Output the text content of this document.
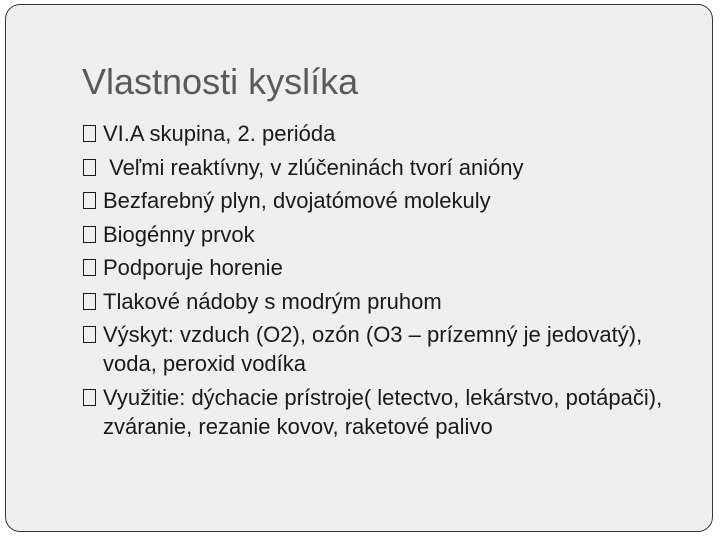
Vlastnosti kyslíka
VI.A skupina, 2. perióda
Veľmi reaktívny, v zlúčeninách tvorí anióny
Bezfarebný plyn, dvojatómové molekuly
Biogénny prvok
Podporuje horenie
Tlakové nádoby s modrým pruhom
Výskyt: vzduch (O2), ozón (O3 – prízemný je jedovatý), voda, peroxid vodíka
Využitie: dýchacie prístroje( letectvo, lekárstvo, potápači), zváranie, rezanie kovov, raketové palivo
